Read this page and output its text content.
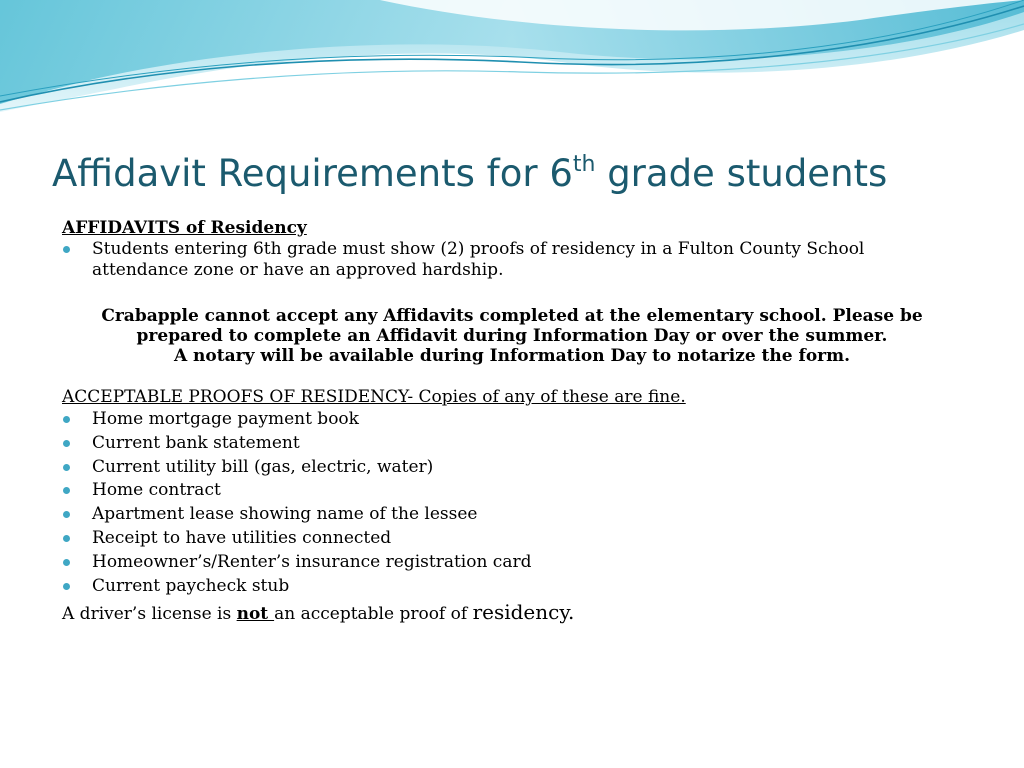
Affidavit Requirements for 6th grade students

AFFIDAVITS of Residency

Students entering 6th grade must show (2) proofs of residency in a Fulton County School attendance zone or have an approved hardship.

Crabapple cannot accept any Affidavits completed at the elementary school. Please be prepared to complete an Affidavit during Information Day or over the summer.

A notary will be available during Information Day to notarize the form.

ACCEPTABLE PROOFS OF RESIDENCY- Copies of any of these are fine.
Home mortgage payment book
Current bank statement
Current utility bill (gas, electric, water)
Home contract
Apartment lease showing name of the lessee
Receipt to have utilities connected
Homeowner’s/Renter’s insurance registration card
Current paycheck stub
A driver’s license is not an acceptable proof of residency.
